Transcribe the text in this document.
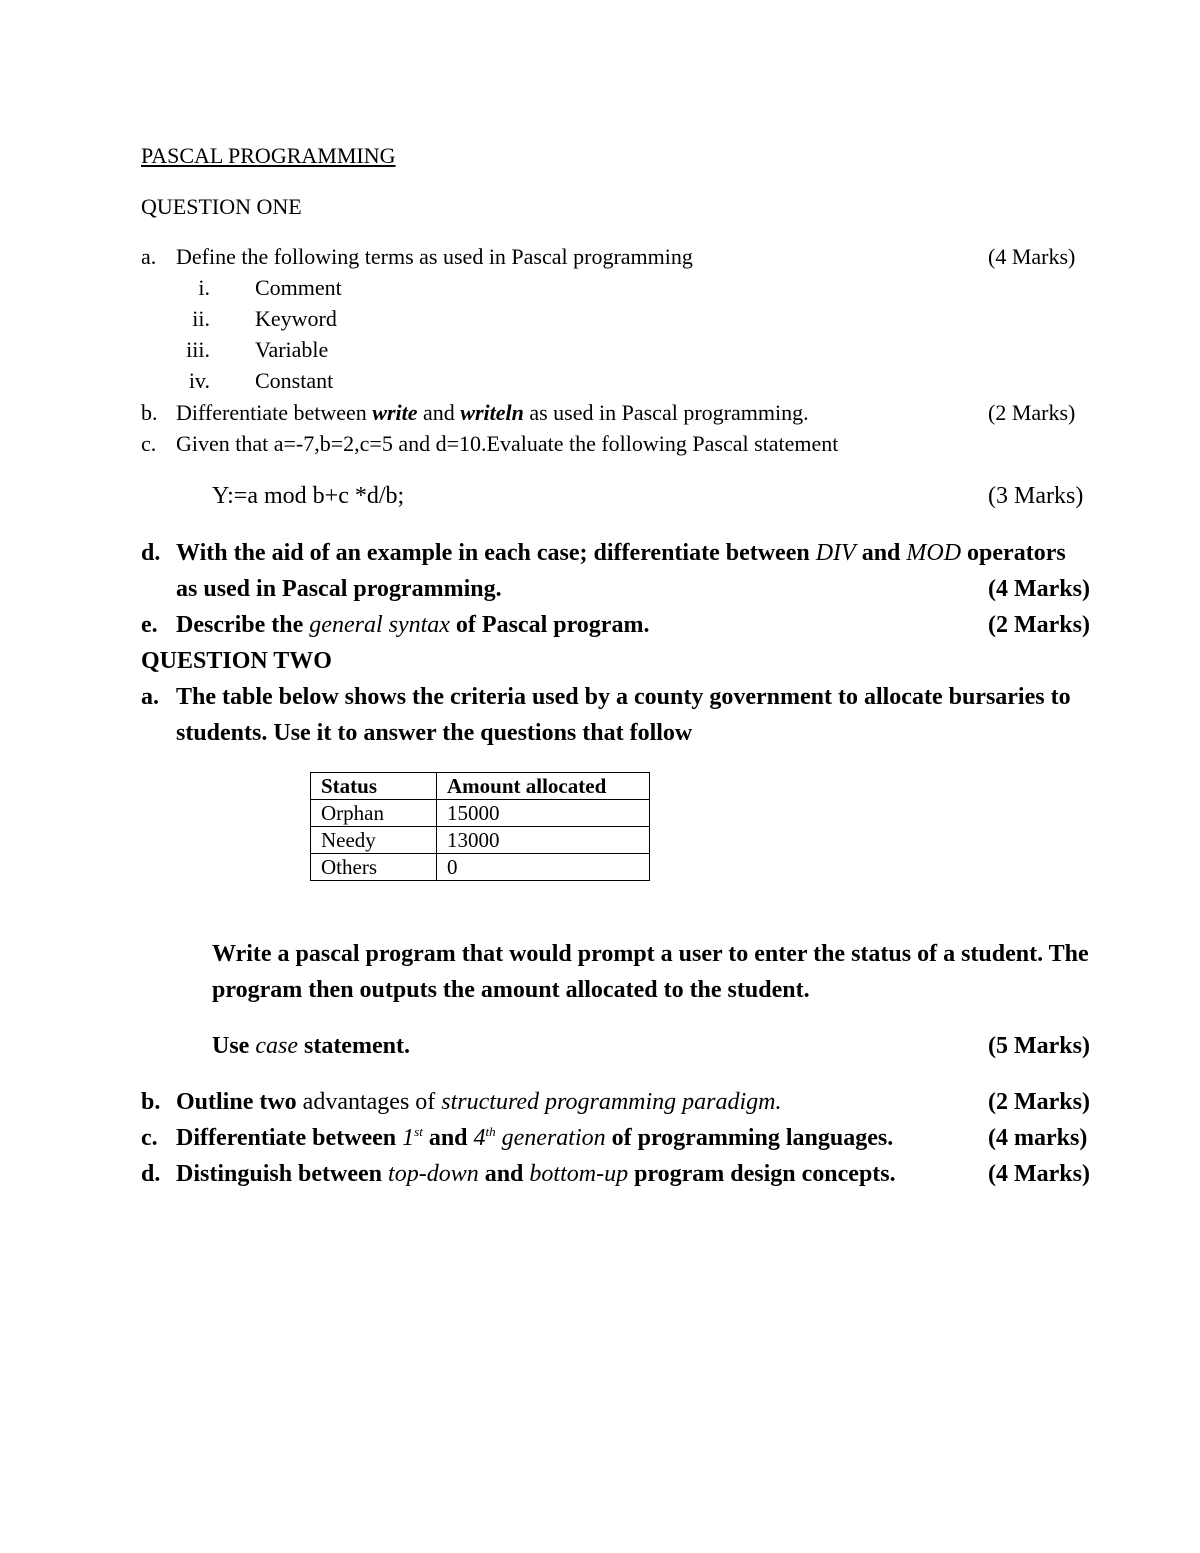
PASCAL PROGRAMMING
QUESTION ONE
a. Define the following terms as used in Pascal programming	(4 Marks)
i. Comment
ii. Keyword
iii. Variable
iv. Constant
b. Differentiate between write and writeln as used in Pascal programming.	(2 Marks)
c. Given that a=-7,b=2,c=5 and d=10.Evaluate the following Pascal statement
Y:=a mod b+c *d/b;	(3 Marks)
d. With the aid of an example in each case; differentiate between DIV and MOD operators
as used in Pascal programming.	(4 Marks)
e. Describe the general syntax of Pascal program.	(2 Marks)
QUESTION TWO
a. The table below shows the criteria used by a county government to allocate bursaries to
students. Use it to answer the questions that follow
Status	Amount allocated
Orphan	15000
Needy	13000
Others	0
Write a pascal program that would prompt a user to enter the status of a student. The
program then outputs the amount allocated to the student.
Use case statement.	(5 Marks)
b. Outline two advantages of structured programming paradigm.	(2 Marks)
c. Differentiate between 1st and 4th generation of programming languages.	(4 marks)
d. Distinguish between top-down and bottom-up program design concepts.	(4 Marks)
